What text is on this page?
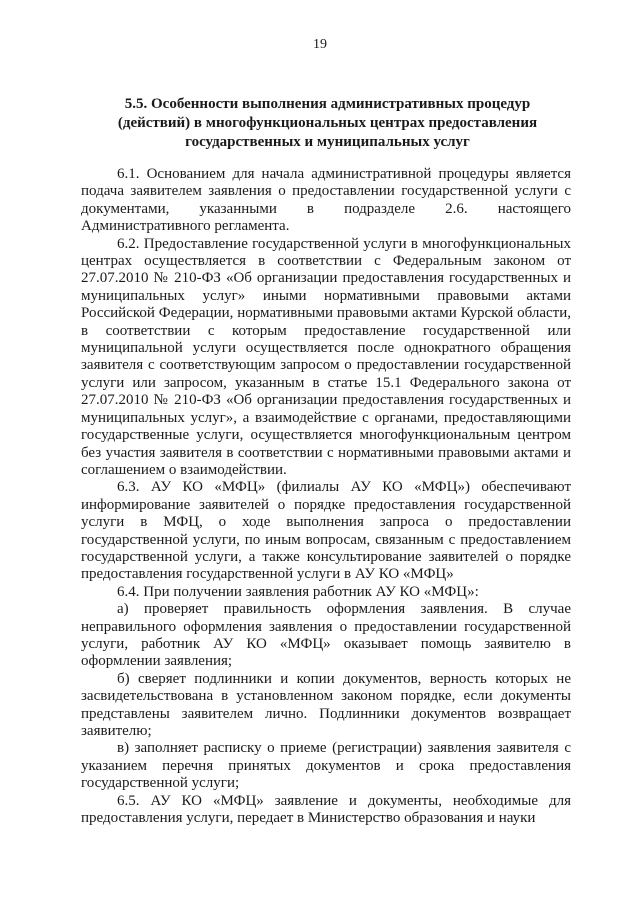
19
5.5. Особенности выполнения административных процедур (действий) в многофункциональных центрах предоставления государственных и муниципальных услуг

6.1. Основанием для начала административной процедуры является подача заявителем заявления о предоставлении государственной услуги с документами, указанными в подразделе 2.6. настоящего Административного регламента.

6.2. Предоставление государственной услуги в многофункциональных центрах осуществляется в соответствии с Федеральным законом от 27.07.2010 № 210-ФЗ «Об организации предоставления государственных и муниципальных услуг» иными нормативными правовыми актами Российской Федерации, нормативными правовыми актами Курской области, в соответствии с которым предоставление государственной или муниципальной услуги осуществляется после однократного обращения заявителя с соответствующим запросом о предоставлении государственной услуги или запросом, указанным в статье 15.1 Федерального закона от 27.07.2010 № 210-ФЗ «Об организации предоставления государственных и муниципальных услуг», а взаимодействие с органами, предоставляющими государственные услуги, осуществляется многофункциональным центром без участия заявителя в соответствии с нормативными правовыми актами и соглашением о взаимодействии.

6.3. АУ КО «МФЦ» (филиалы АУ КО «МФЦ») обеспечивают информирование заявителей о порядке предоставления государственной услуги в МФЦ, о ходе выполнения запроса о предоставлении государственной услуги, по иным вопросам, связанным с предоставлением государственной услуги, а также консультирование заявителей о порядке предоставления государственной услуги в АУ КО «МФЦ»

6.4. При получении заявления работник АУ КО «МФЦ»:

а) проверяет правильность оформления заявления. В случае неправильного оформления заявления о предоставлении государственной услуги, работник АУ КО «МФЦ» оказывает помощь заявителю в оформлении заявления;

б) сверяет подлинники и копии документов, верность которых не засвидетельствована в установленном законом порядке, если документы представлены заявителем лично. Подлинники документов возвращает заявителю;

в) заполняет расписку о приеме (регистрации) заявления заявителя с указанием перечня принятых документов и срока предоставления государственной услуги;

6.5. АУ КО «МФЦ» заявление и документы, необходимые для предоставления услуги, передает в Министерство образования и науки
